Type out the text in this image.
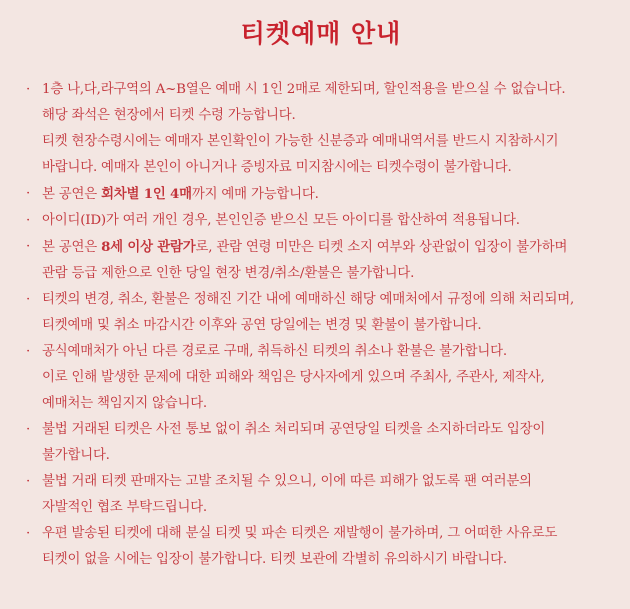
티켓예매 안내
· 1층 나,다,라구역의 A~B열은 예매 시 1인 2매로 제한되며, 할인적용을 받으실 수 없습니다.
해당 좌석은 현장에서 티켓 수령 가능합니다.
티켓 현장수령시에는 예매자 본인확인이 가능한 신분증과 예매내역서를 반드시 지참하시기
바랍니다. 예매자 본인이 아니거나 증빙자료 미지참시에는 티켓수령이 불가합니다.
· 본 공연은 회차별 1인 4매까지 예매 가능합니다.
· 아이디(ID)가 여러 개인 경우, 본인인증 받으신 모든 아이디를 합산하여 적용됩니다.
· 본 공연은 8세 이상 관람가로, 관람 연령 미만은 티켓 소지 여부와 상관없이 입장이 불가하며
관람 등급 제한으로 인한 당일 현장 변경/취소/환불은 불가합니다.
· 티켓의 변경, 취소, 환불은 정해진 기간 내에 예매하신 해당 예매처에서 규정에 의해 처리되며,
티켓예매 및 취소 마감시간 이후와 공연 당일에는 변경 및 환불이 불가합니다.
· 공식예매처가 아닌 다른 경로로 구매, 취득하신 티켓의 취소나 환불은 불가합니다.
이로 인해 발생한 문제에 대한 피해와 책임은 당사자에게 있으며 주최사, 주관사, 제작사,
예매처는 책임지지 않습니다.
· 불법 거래된 티켓은 사전 통보 없이 취소 처리되며 공연당일 티켓을 소지하더라도 입장이
불가합니다.
· 불법 거래 티켓 판매자는 고발 조치될 수 있으니, 이에 따른 피해가 없도록 팬 여러분의
자발적인 협조 부탁드립니다.
· 우편 발송된 티켓에 대해 분실 티켓 및 파손 티켓은 재발행이 불가하며, 그 어떠한 사유로도
티켓이 없을 시에는 입장이 불가합니다. 티켓 보관에 각별히 유의하시기 바랍니다.
